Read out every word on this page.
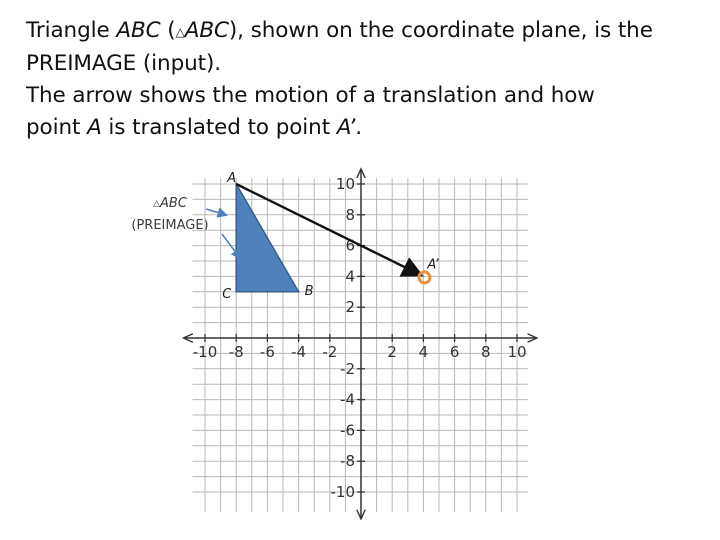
Triangle ABC (△ABC), shown on the coordinate plane, is the
PREIMAGE (input).
The arrow shows the motion of a translation and how
point A is translated to point A’.
△ABC
(PREIMAGE)
-10 -8 -6 -4 -2	2 4 6 8 10
10
8
6
4
2
-2
-4
-6
-8
-10
A
B
C
A’
